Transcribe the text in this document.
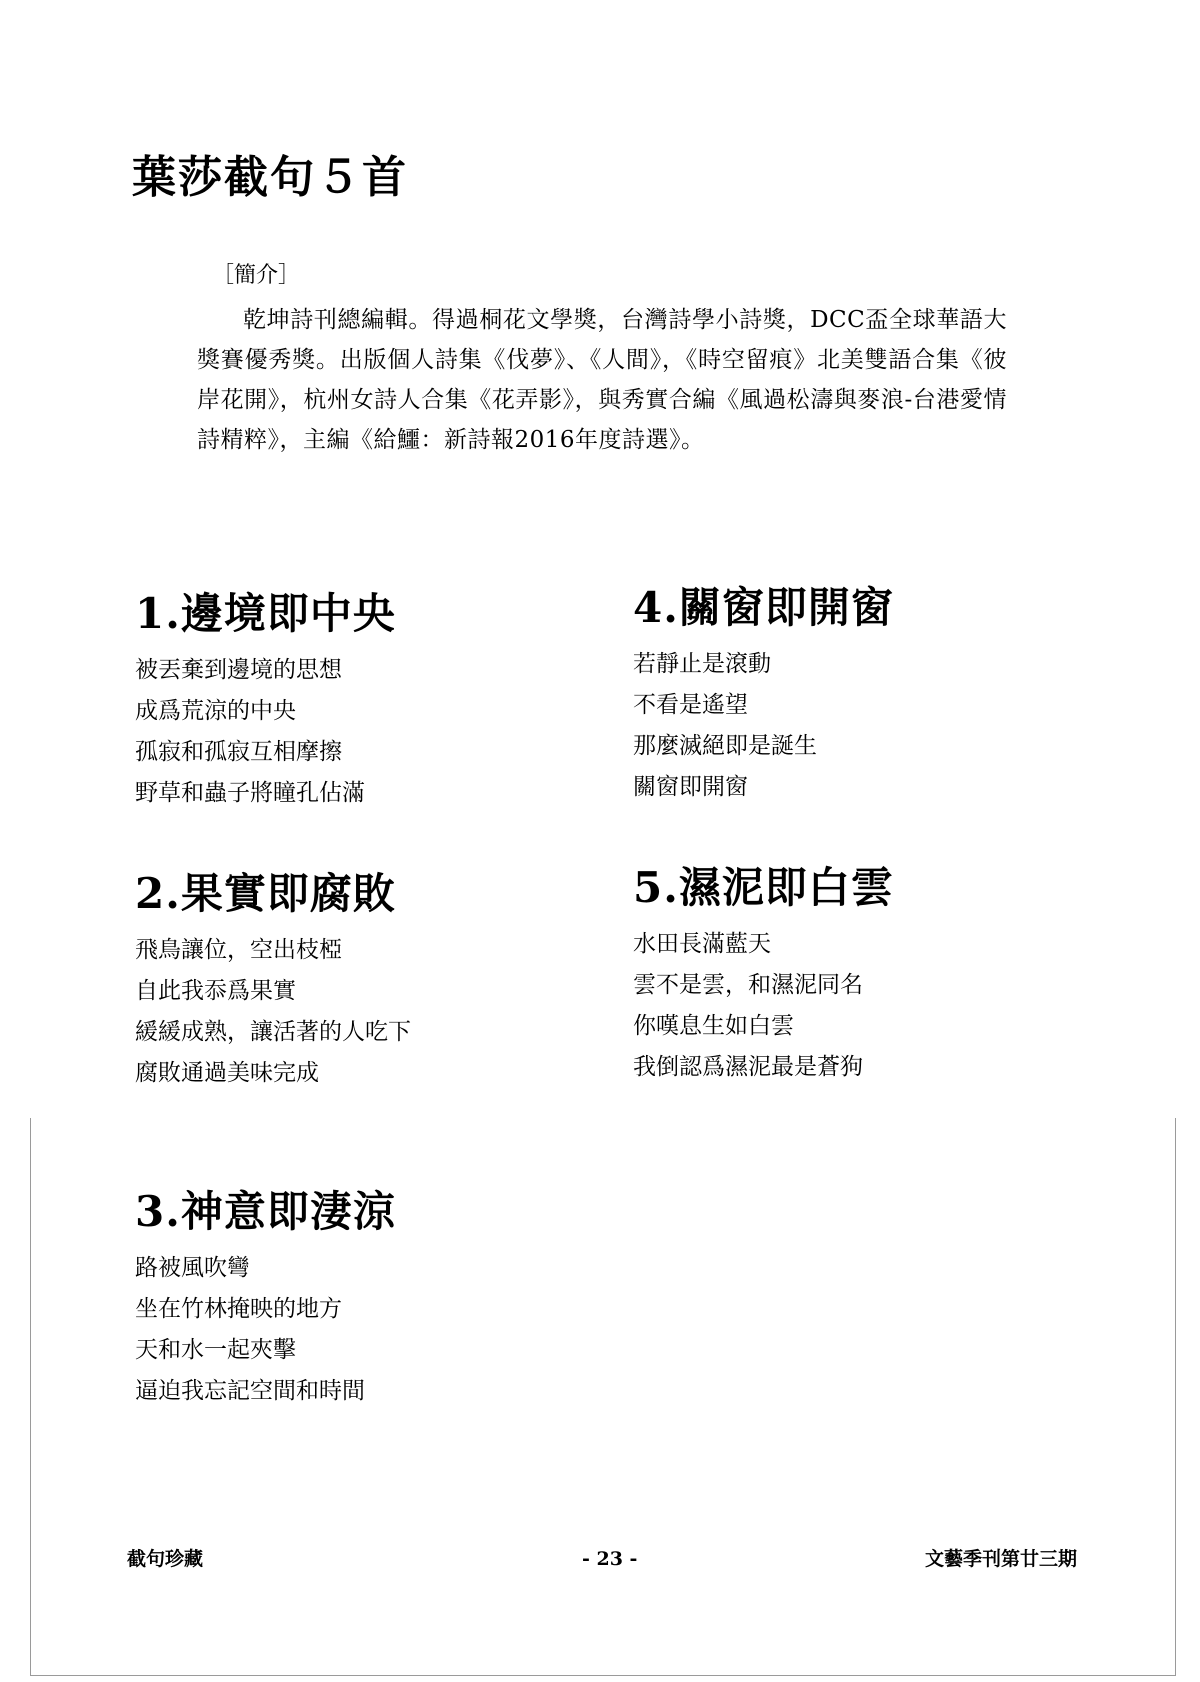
葉莎截句５首

［簡介］

乾坤詩刊總編輯。得過桐花文學獎，台灣詩學小詩獎，DCC盃全球華語大獎賽優秀獎。出版個人詩集《伐夢》、《人間》，《時空留痕》北美雙語合集《彼岸花開》，杭州女詩人合集《花弄影》，與秀實合編《風過松濤與麥浪-台港愛情詩精粹》，主編《給鱷：新詩報2016年度詩選》。

1.邊境即中央
被丟棄到邊境的思想
成爲荒涼的中央
孤寂和孤寂互相摩擦
野草和蟲子將瞳孔佔滿
2.果實即腐敗
飛鳥讓位，空出枝椏
自此我忝爲果實
緩緩成熟，讓活著的人吃下
腐敗通過美味完成
3.神意即淒涼
路被風吹彎
坐在竹林掩映的地方
天和水一起夾擊
逼迫我忘記空間和時間
4.關窗即開窗
若靜止是滾動
不看是遙望
那麼滅絕即是誕生
關窗即開窗
5.濕泥即白雲
水田長滿藍天
雲不是雲，和濕泥同名
你嘆息生如白雲
我倒認爲濕泥最是蒼狗
截句珍藏	- 23 -	文藝季刊第廿三期
